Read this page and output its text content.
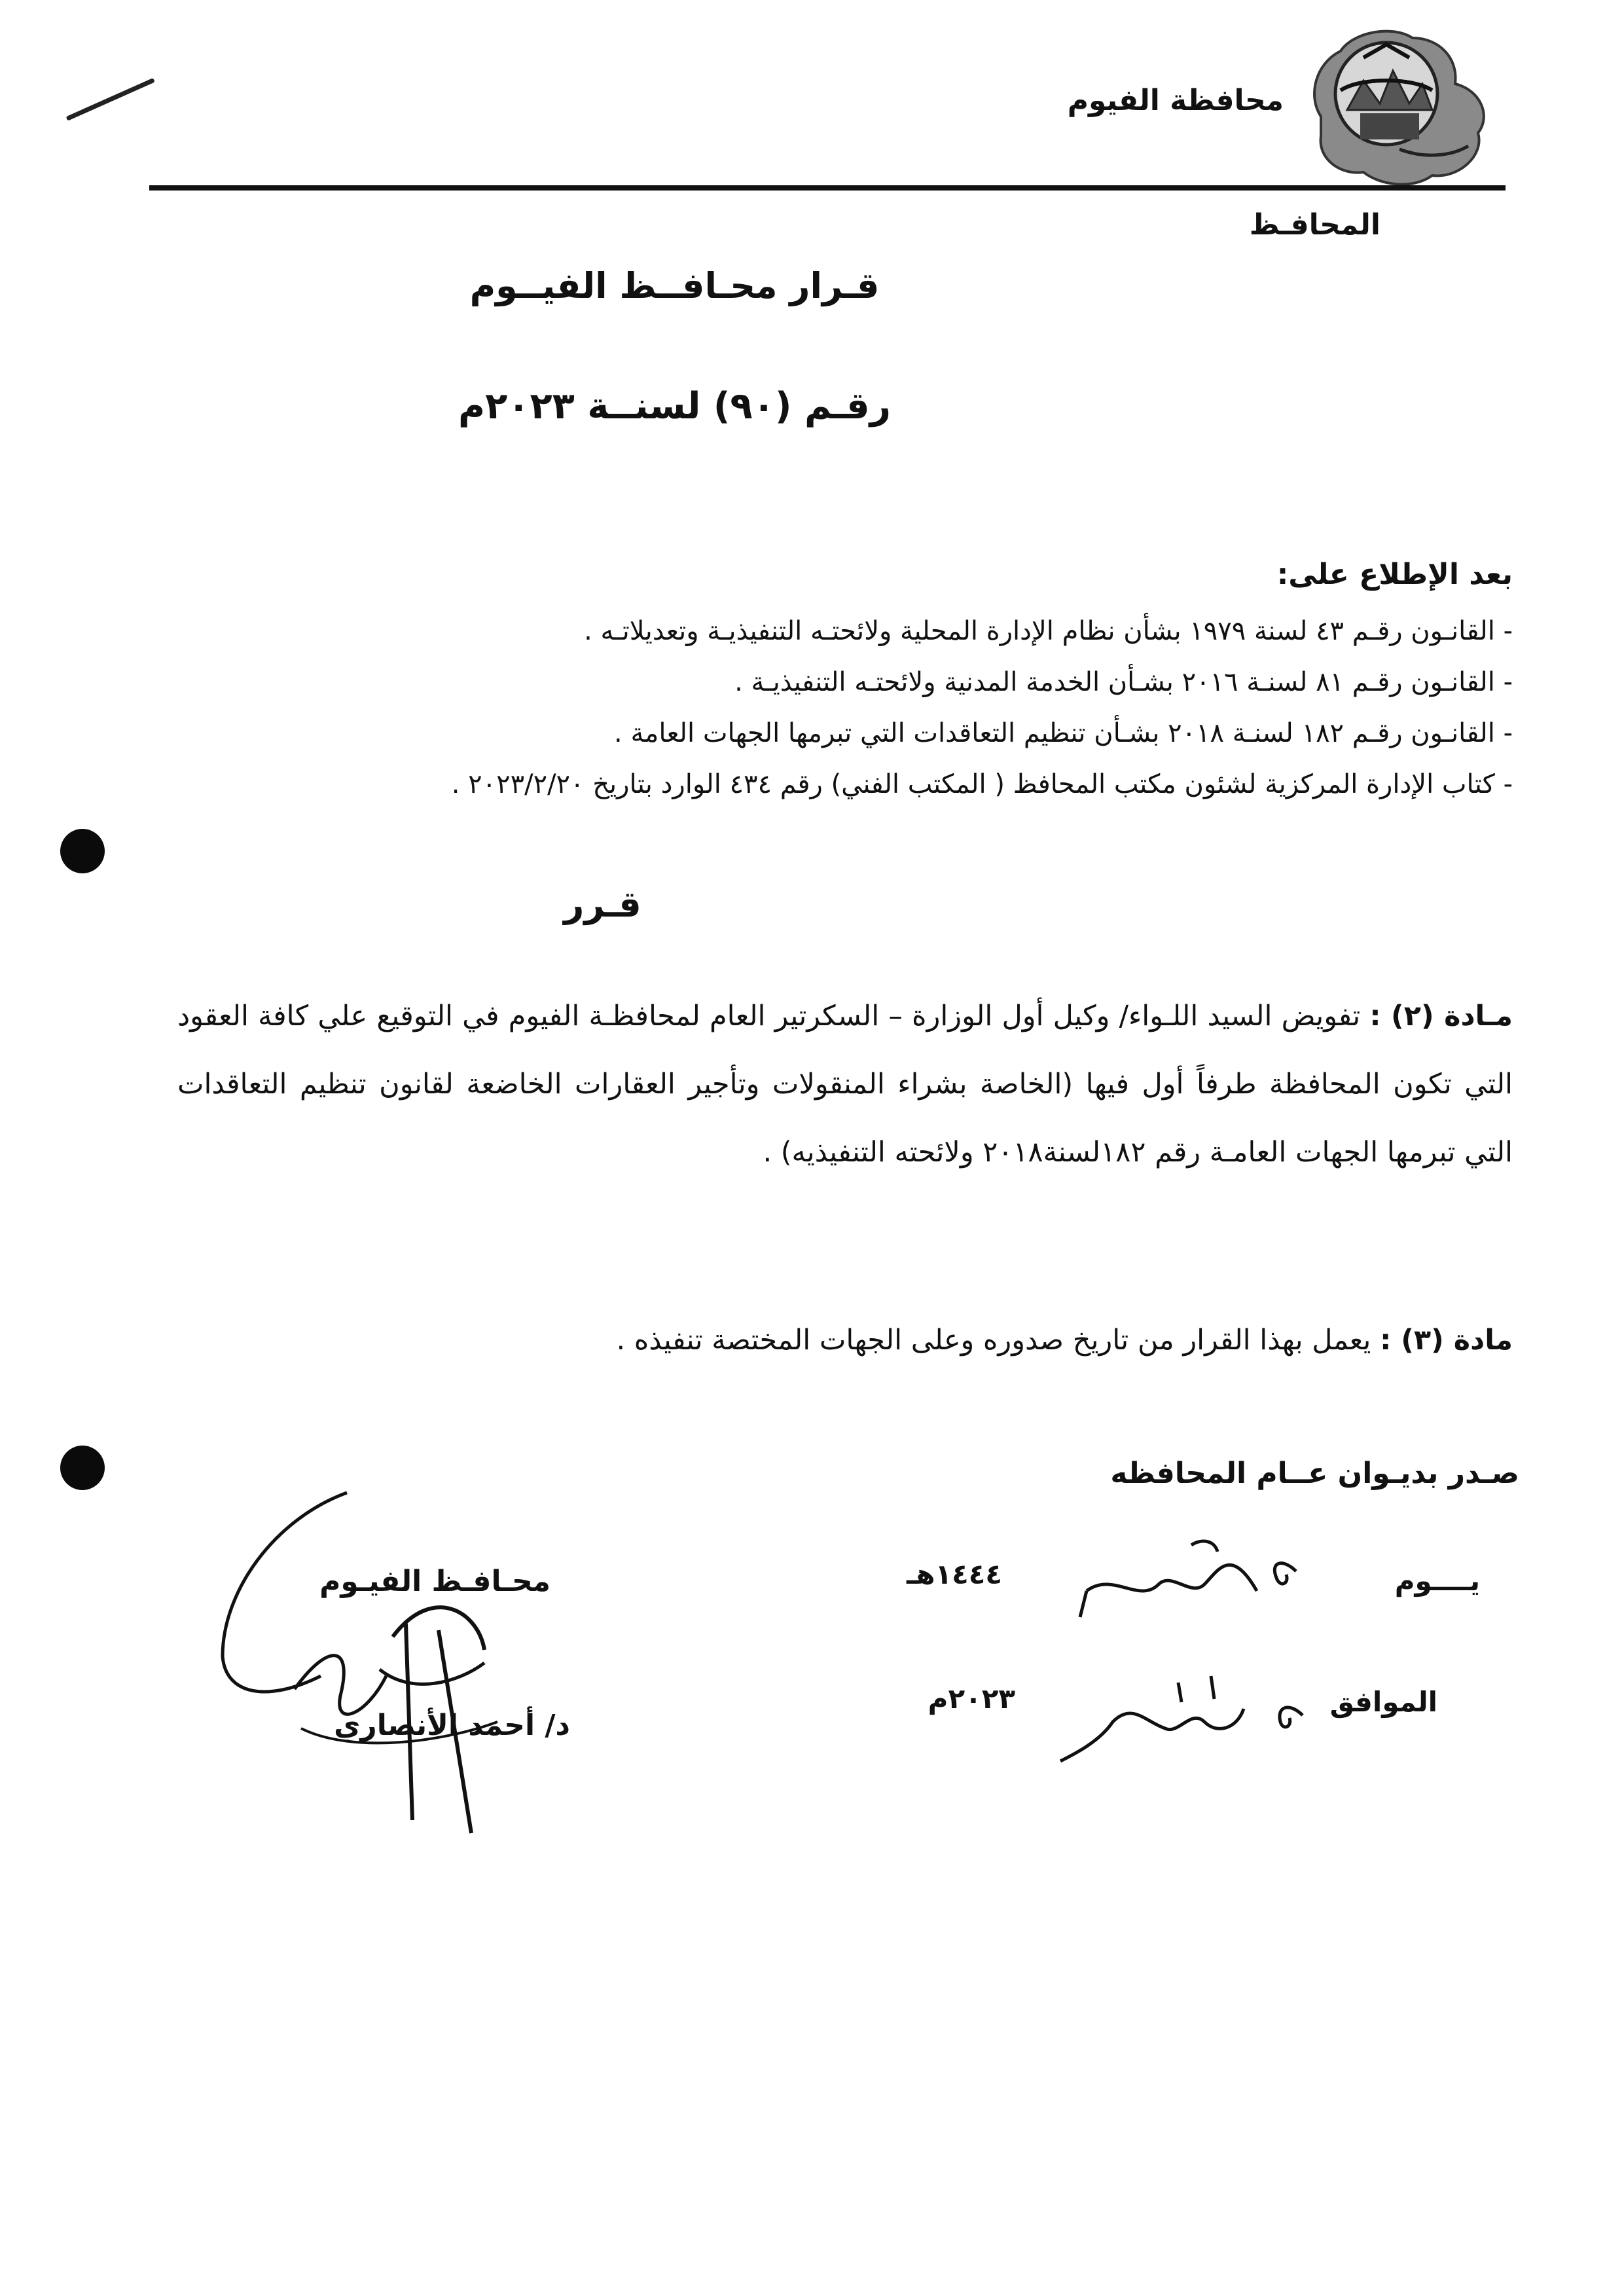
محافظة الفيوم
المحافـظ
قـرار محـافــظ الفيــوم
رقـم (٩٠) لسنــة ٢٠٢٣م
بعد الإطلاع على:
- القانـون رقـم ٤٣ لسنة ١٩٧٩ بشأن نظام الإدارة المحلية ولائحتـه التنفيذيـة وتعديلاتـه .
- القانـون رقـم ٨١ لسنـة ٢٠١٦ بشـأن الخدمة المدنية ولائحتـه التنفيذيـة .
- القانـون رقـم ١٨٢ لسنـة ٢٠١٨ بشـأن تنظيم التعاقدات التي تبرمها الجهات العامة .
- كتاب الإدارة المركزية لشئون مكتب المحافظ ( المكتب الفني) رقم ٤٣٤ الوارد بتاريخ ٢٠٢٣/٢/٢٠ .
قـرر
مـادة (٢) : تفويض السيد اللـواء/ وكيل أول الوزارة – السكرتير العام لمحافظـة الفيوم في التوقيع علي كافة العقود التي تكون المحافظة طرفاً أول فيها (الخاصة بشراء المنقولات وتأجير العقارات الخاضعة لقانون تنظيم التعاقدات التي تبرمها الجهات العامـة رقم ١٨٢لسنة٢٠١٨ ولائحته التنفيذيه) .
مادة (٣) : يعمل بهذا القرار من تاريخ صدوره وعلى الجهات المختصة تنفيذه .
صـدر بديـوان عــام المحافظه
محـافـظ الفيـوم
د/ أحمد الأنصاري
يــــوم
١٤٤٤هـ
الموافق
٢٠٢٣م
